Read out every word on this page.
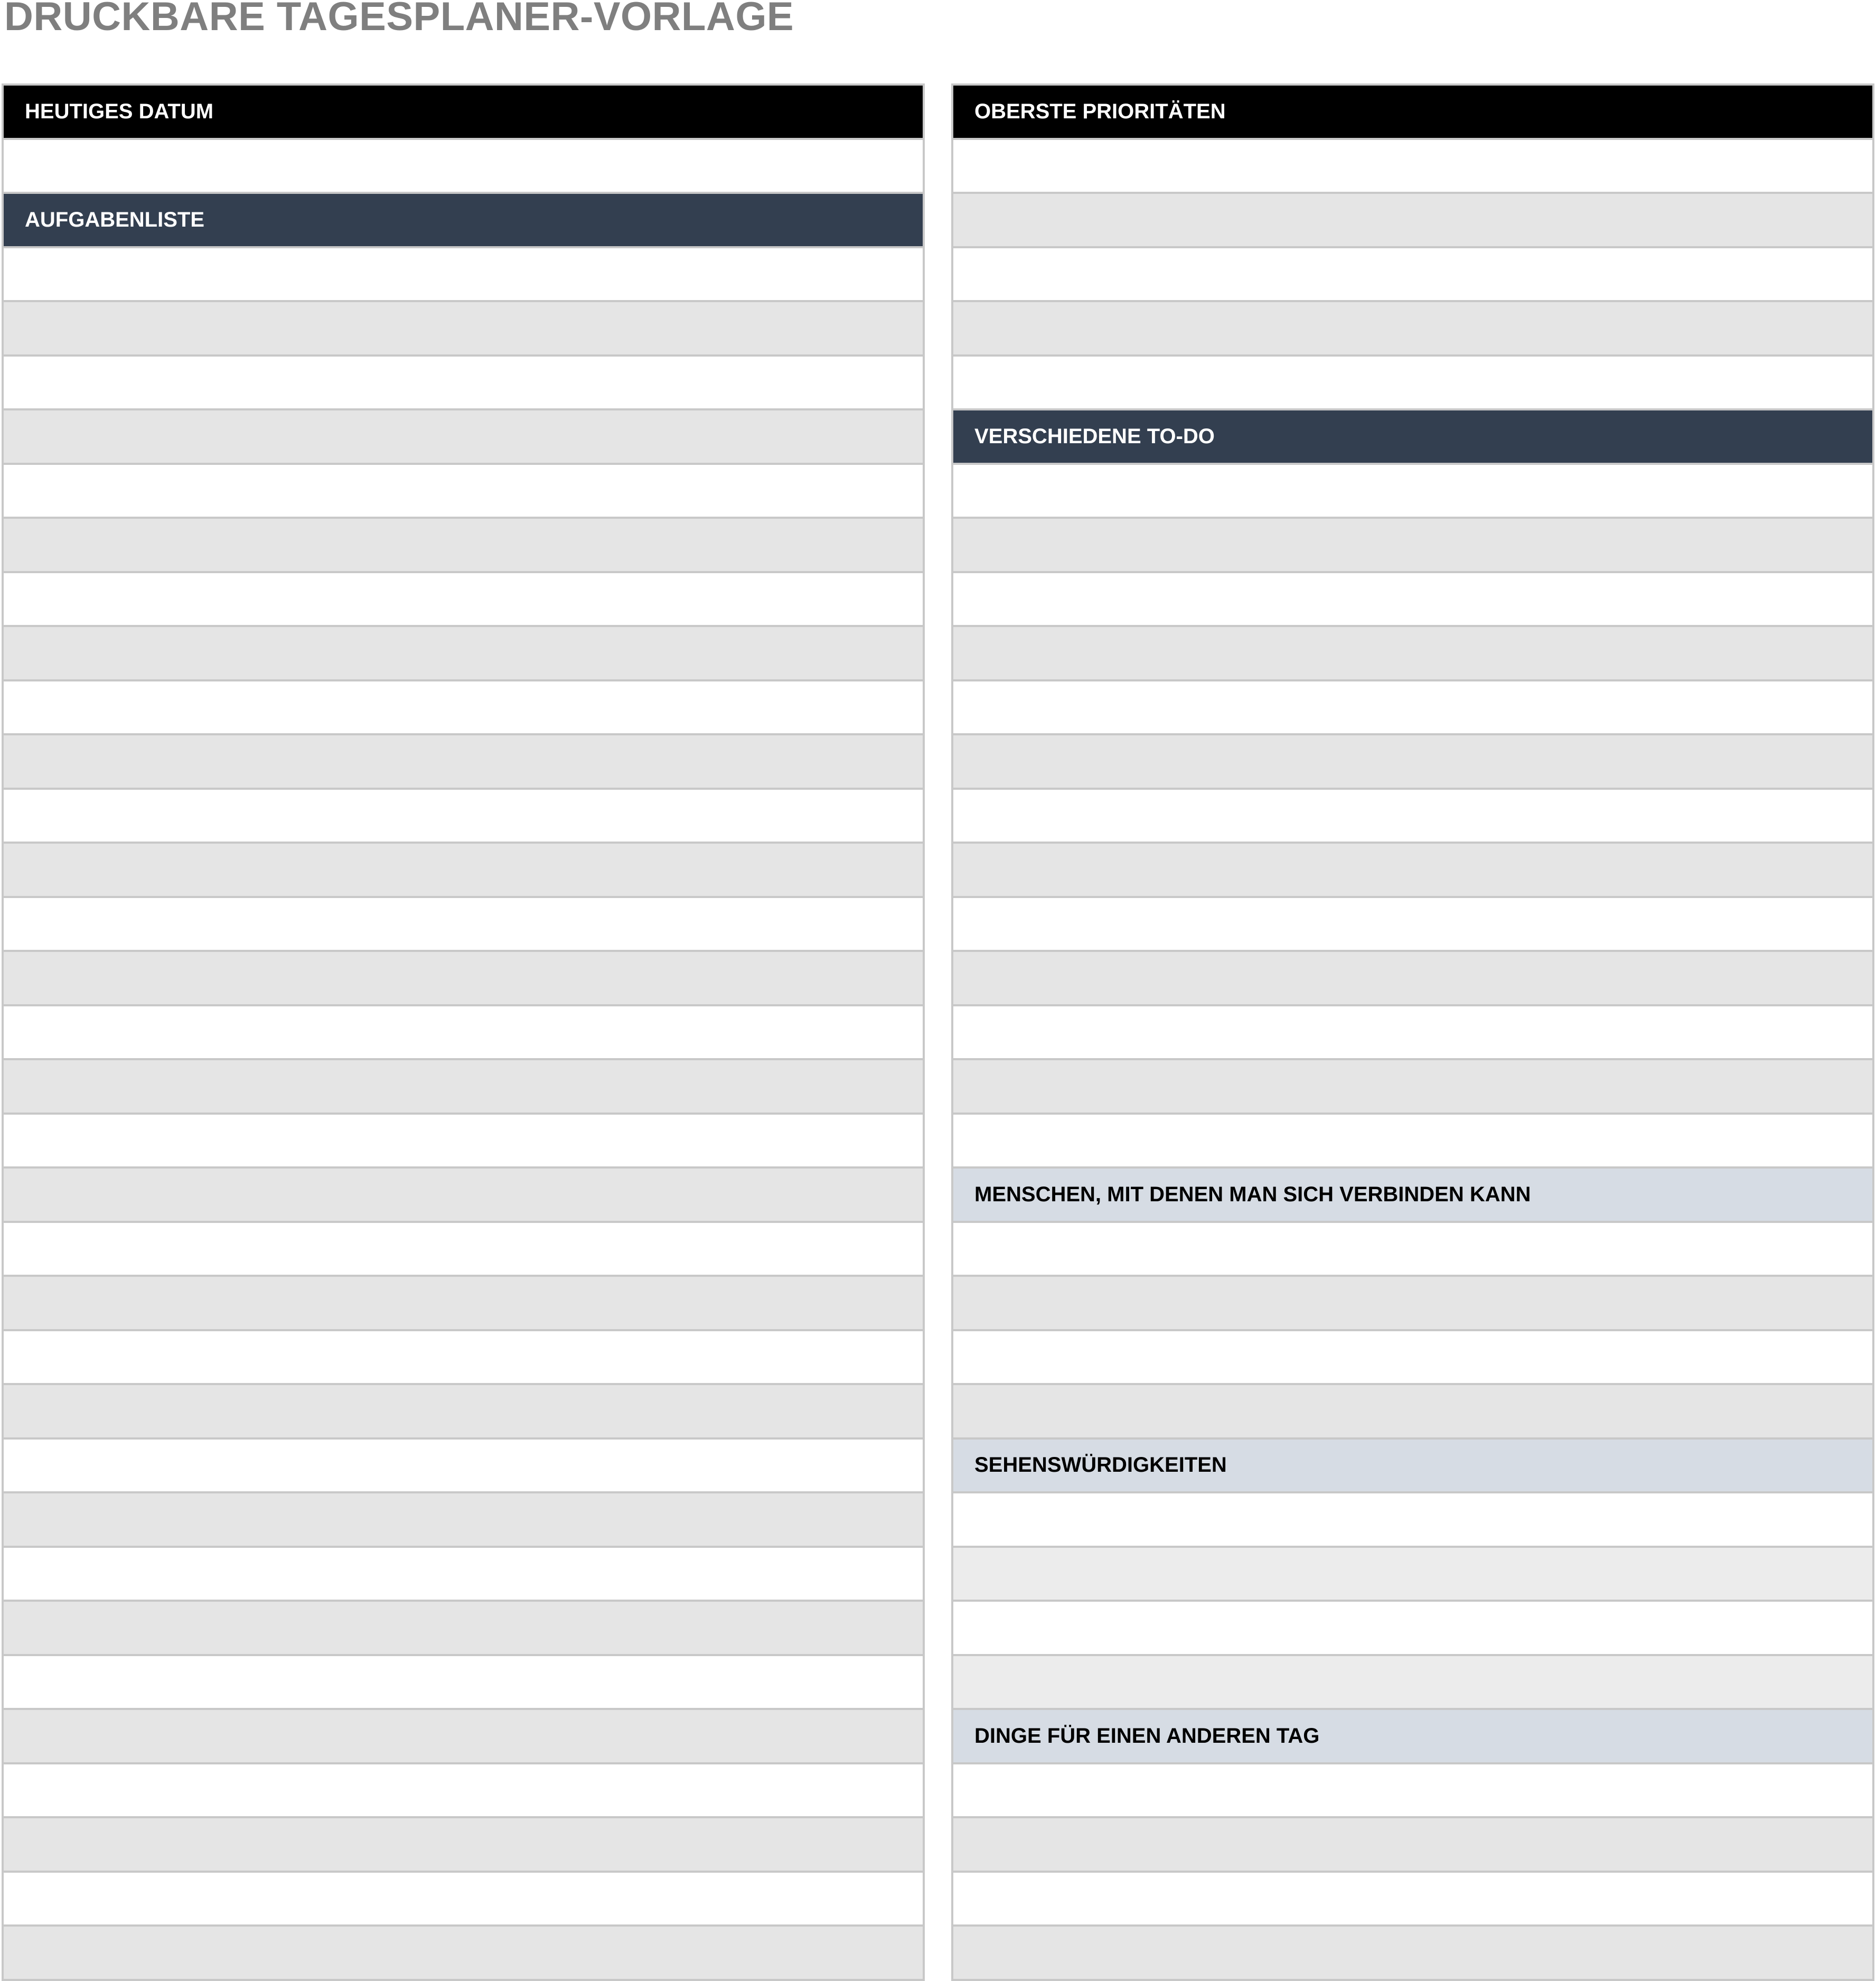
DRUCKBARE TAGESPLANER-VORLAGE
HEUTIGES DATUM
AUFGABENLISTE
OBERSTE PRIORITÄTEN
VERSCHIEDENE TO-DO
MENSCHEN, MIT DENEN MAN SICH VERBINDEN KANN
SEHENSWÜRDIGKEITEN
DINGE FÜR EINEN ANDEREN TAG
